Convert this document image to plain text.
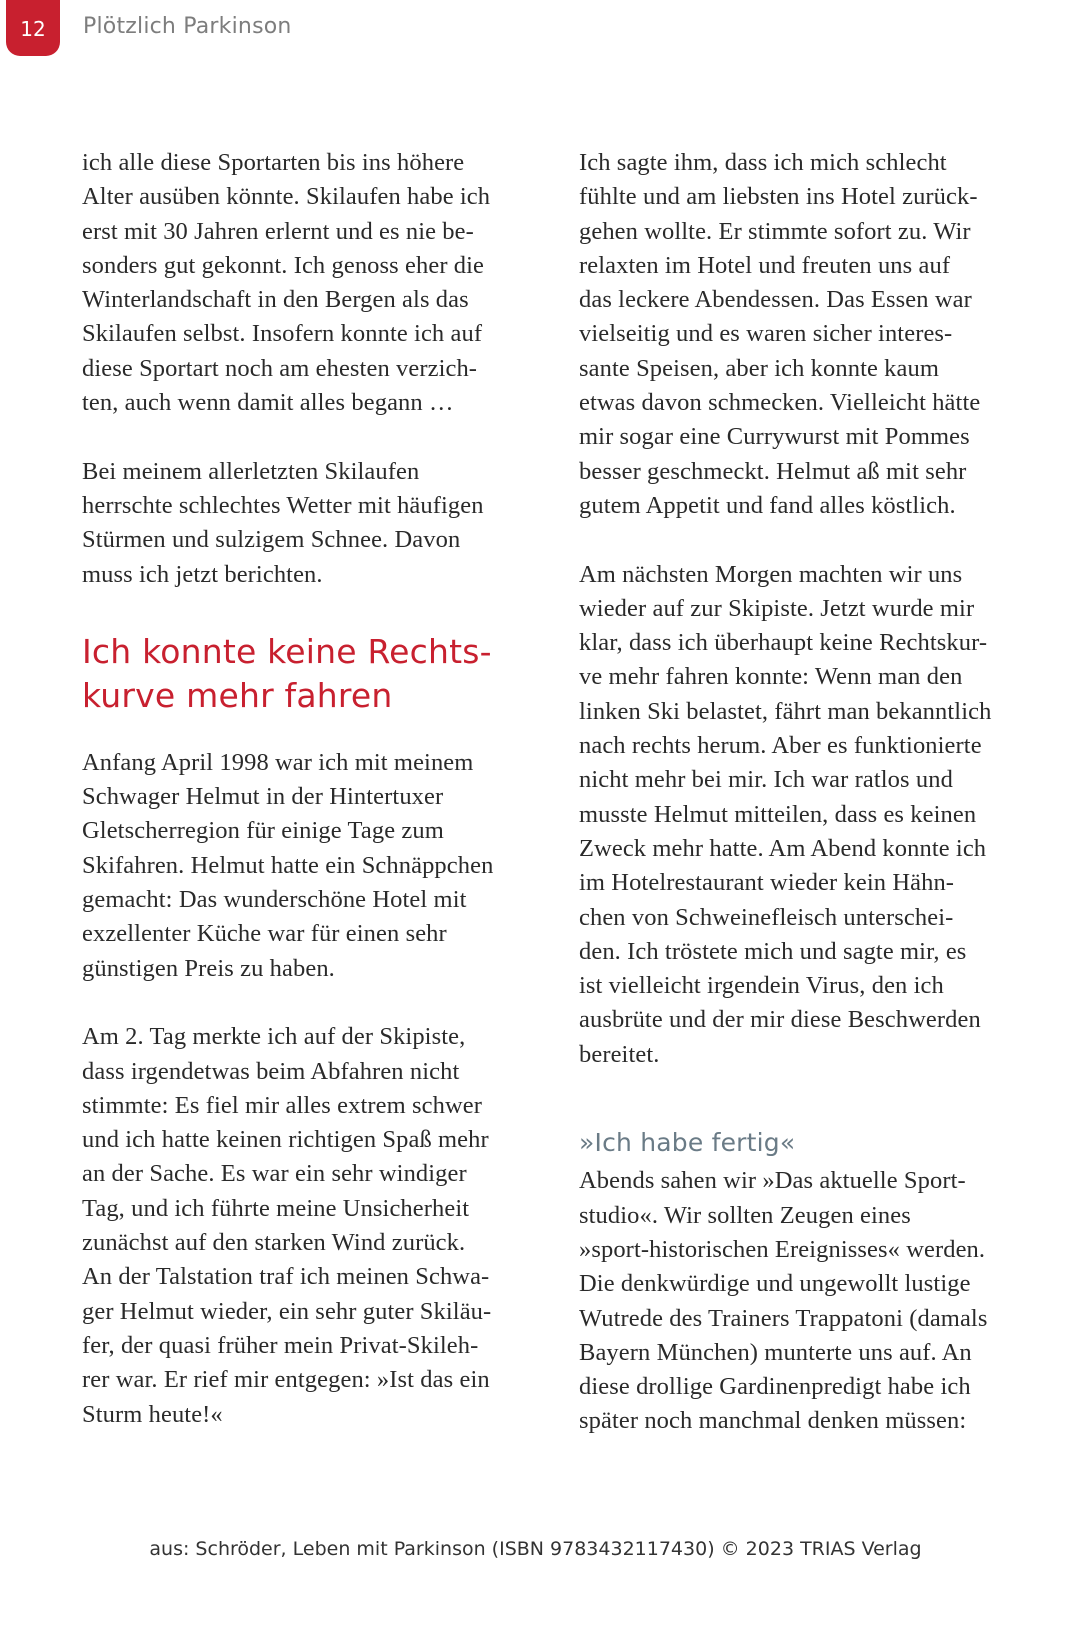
12 Plötzlich Parkinson
ich alle diese Sportarten bis ins höhere
Alter ausüben könnte. Skilaufen habe ich
erst mit 30 Jahren erlernt und es nie be-
sonders gut gekonnt. Ich genoss eher die
Winterlandschaft in den Bergen als das
Skilaufen selbst. Insofern konnte ich auf
diese Sportart noch am ehesten verzich-
ten, auch wenn damit alles begann …
Bei meinem allerletzten Skilaufen
herrschte schlechtes Wetter mit häufigen
Stürmen und sulzigem Schnee. Davon
muss ich jetzt berichten.
Ich konnte keine Rechts-
kurve mehr fahren
Anfang April 1998 war ich mit meinem
Schwager Helmut in der Hintertuxer
Gletscherregion für einige Tage zum
Skifahren. Helmut hatte ein Schnäppchen
gemacht: Das wunderschöne Hotel mit
exzellenter Küche war für einen sehr
günstigen Preis zu haben.
Am 2. Tag merkte ich auf der Skipiste,
dass irgendetwas beim Abfahren nicht
stimmte: Es fiel mir alles extrem schwer
und ich hatte keinen richtigen Spaß mehr
an der Sache. Es war ein sehr windiger
Tag, und ich führte meine Unsicherheit
zunächst auf den starken Wind zurück.
An der Talstation traf ich meinen Schwa-
ger Helmut wieder, ein sehr guter Skiläu-
fer, der quasi früher mein Privat-Skileh-
rer war. Er rief mir entgegen: »Ist das ein
Sturm heute!«
Ich sagte ihm, dass ich mich schlecht
fühlte und am liebsten ins Hotel zurück-
gehen wollte. Er stimmte sofort zu. Wir
relaxten im Hotel und freuten uns auf
das leckere Abendessen. Das Essen war
vielseitig und es waren sicher interes-
sante Speisen, aber ich konnte kaum
etwas davon schmecken. Vielleicht hätte
mir sogar eine Currywurst mit Pommes
besser geschmeckt. Helmut aß mit sehr
gutem Appetit und fand alles köstlich.
Am nächsten Morgen machten wir uns
wieder auf zur Skipiste. Jetzt wurde mir
klar, dass ich überhaupt keine Rechtskur-
ve mehr fahren konnte: Wenn man den
linken Ski belastet, fährt man bekanntlich
nach rechts herum. Aber es funktionierte
nicht mehr bei mir. Ich war ratlos und
musste Helmut mitteilen, dass es keinen
Zweck mehr hatte. Am Abend konnte ich
im Hotelrestaurant wieder kein Hähn-
chen von Schweinefleisch unterschei-
den. Ich tröstete mich und sagte mir, es
ist vielleicht irgendein Virus, den ich
ausbrüte und der mir diese Beschwerden
bereitet.
»Ich habe fertig«
Abends sahen wir »Das aktuelle Sport-
studio«. Wir sollten Zeugen eines
»sport-historischen Ereignisses« werden.
Die denkwürdige und ungewollt lustige
Wutrede des Trainers Trappatoni (damals
Bayern München) munterte uns auf. An
diese drollige Gardinenpredigt habe ich
später noch manchmal denken müssen:
aus: Schröder, Leben mit Parkinson (ISBN 9783432117430) © 2023 TRIAS Verlag
